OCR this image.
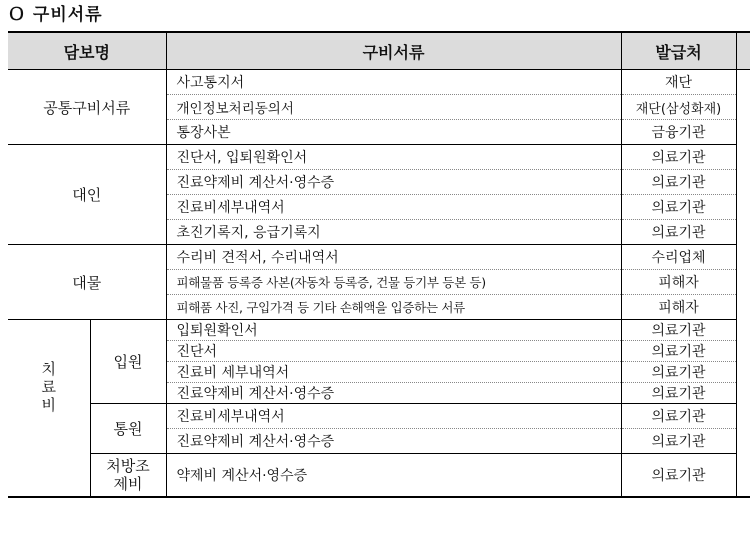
Ｏ 구비서류
담보명		구비서류	발급처	
공통구비서류		사고통지서	재단	
		개인정보처리동의서	재단(삼성화재)	
		통장사본	금융기관	
대인		진단서, 입퇴원확인서	의료기관	
		진료약제비 계산서·영수증	의료기관	
		진료비세부내역서	의료기관	
		초진기록지, 응급기록지	의료기관	
대물		수리비 견적서, 수리내역서	수리업체	
		피해물품 등록증 사본(자동차 등록증, 건물 등기부 등본 등)	피해자	
		피해품 사진, 구입가격 등 기타 손해액을 입증하는 서류	피해자	

치료비	입원	입퇴원확인서	의료기관	
		진단서	의료기관	
		진료비 세부내역서	의료기관	
		진료약제비 계산서·영수증	의료기관	
	통원	진료비세부내역서	의료기관	
		진료약제비 계산서·영수증	의료기관	

	처방조제비	약제비 계산서·영수증	의료기관	
